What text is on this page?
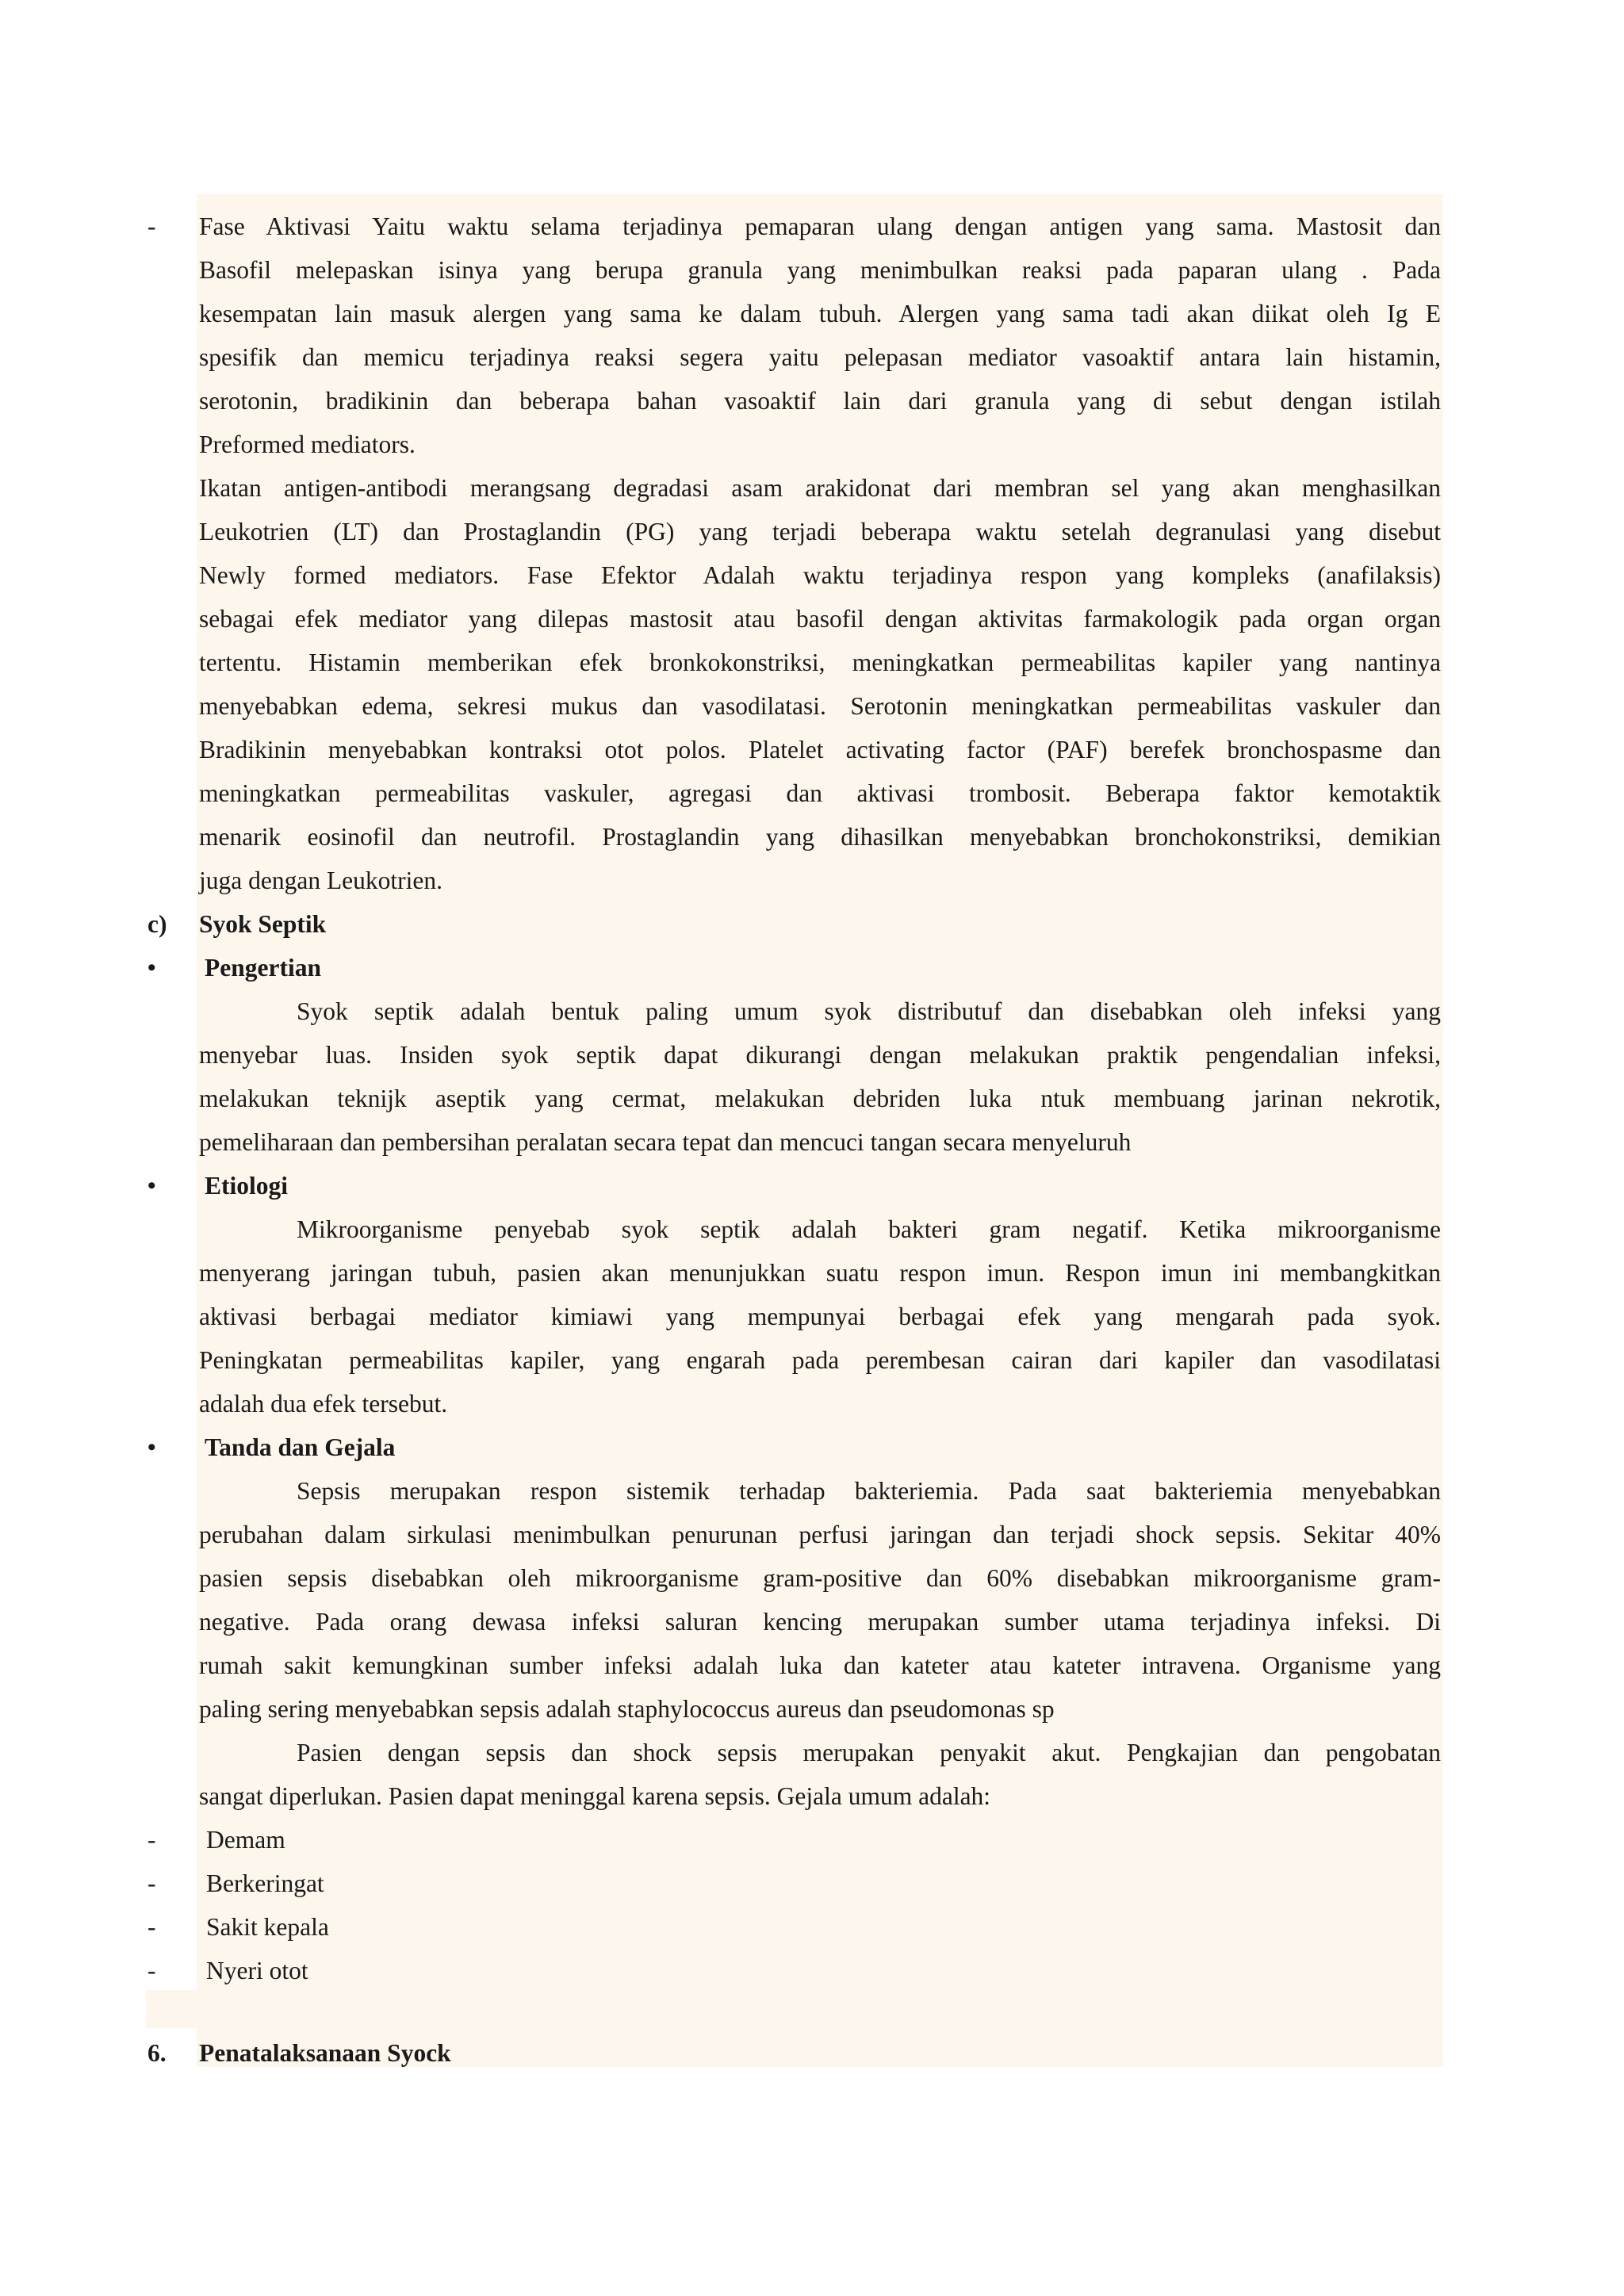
-	Fase Aktivasi Yaitu waktu selama terjadinya pemaparan ulang dengan antigen yang sama. Mastosit dan
Basofil melepaskan isinya yang berupa granula yang menimbulkan reaksi pada paparan ulang . Pada
kesempatan lain masuk alergen yang sama ke dalam tubuh. Alergen yang sama tadi akan diikat oleh Ig E
spesifik dan memicu terjadinya reaksi segera yaitu pelepasan mediator vasoaktif antara lain histamin,
serotonin, bradikinin dan beberapa bahan vasoaktif lain dari granula yang di sebut dengan istilah
Preformed mediators.
Ikatan antigen-antibodi merangsang degradasi asam arakidonat dari membran sel yang akan menghasilkan
Leukotrien (LT) dan Prostaglandin (PG) yang terjadi beberapa waktu setelah degranulasi yang disebut
Newly formed mediators. Fase Efektor Adalah waktu terjadinya respon yang kompleks (anafilaksis)
sebagai efek mediator yang dilepas mastosit atau basofil dengan aktivitas farmakologik pada organ organ
tertentu. Histamin memberikan efek bronkokonstriksi, meningkatkan permeabilitas kapiler yang nantinya
menyebabkan edema, sekresi mukus dan vasodilatasi. Serotonin meningkatkan permeabilitas vaskuler dan
Bradikinin menyebabkan kontraksi otot polos. Platelet activating factor (PAF) berefek bronchospasme dan
meningkatkan permeabilitas vaskuler, agregasi dan aktivasi trombosit. Beberapa faktor kemotaktik
menarik eosinofil dan neutrofil. Prostaglandin yang dihasilkan menyebabkan bronchokonstriksi, demikian
juga dengan Leukotrien.
c)	Syok Septik
• Pengertian
Syok septik adalah bentuk paling umum syok distributuf dan disebabkan oleh infeksi yang
menyebar luas. Insiden syok septik dapat dikurangi dengan melakukan praktik pengendalian infeksi,
melakukan teknijk aseptik yang cermat, melakukan debriden luka ntuk membuang jarinan nekrotik,
pemeliharaan dan pembersihan peralatan secara tepat dan mencuci tangan secara menyeluruh
• Etiologi
Mikroorganisme penyebab syok septik adalah bakteri gram negatif. Ketika mikroorganisme
menyerang jaringan tubuh, pasien akan menunjukkan suatu respon imun. Respon imun ini membangkitkan
aktivasi berbagai mediator kimiawi yang mempunyai berbagai efek yang mengarah pada syok.
Peningkatan permeabilitas kapiler, yang engarah pada perembesan cairan dari kapiler dan vasodilatasi
adalah dua efek tersebut.
• Tanda dan Gejala
Sepsis merupakan respon sistemik terhadap bakteriemia. Pada saat bakteriemia menyebabkan
perubahan dalam sirkulasi menimbulkan penurunan perfusi jaringan dan terjadi shock sepsis. Sekitar 40%
pasien sepsis disebabkan oleh mikroorganisme gram-positive dan 60% disebabkan mikroorganisme gram-
negative. Pada orang dewasa infeksi saluran kencing merupakan sumber utama terjadinya infeksi. Di
rumah sakit kemungkinan sumber infeksi adalah luka dan kateter atau kateter intravena. Organisme yang
paling sering menyebabkan sepsis adalah staphylococcus aureus dan pseudomonas sp
Pasien dengan sepsis dan shock sepsis merupakan penyakit akut. Pengkajian dan pengobatan
sangat diperlukan. Pasien dapat meninggal karena sepsis. Gejala umum adalah:
-	Demam
-	Berkeringat
-	Sakit kepala
-	Nyeri otot
6.	Penatalaksanaan Syock
